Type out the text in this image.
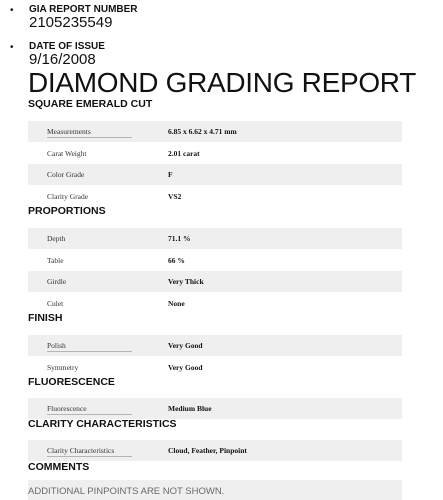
• GIA REPORT NUMBER
2105235549
• DATE OF ISSUE
9/16/2008
DIAMOND GRADING REPORT
SQUARE EMERALD CUT
Measurements	6.85 x 6.62 x 4.71 mm
Carat Weight	2.01 carat
Color Grade	F
Clarity Grade	VS2
PROPORTIONS
Depth	71.1 %
Table	66 %
Girdle	Very Thick
Culet	None
FINISH
Polish	Very Good
Symmetry	Very Good
FLUORESCENCE
Fluorescence	Medium Blue
CLARITY CHARACTERISTICS
Clarity Characteristics	Cloud, Feather, Pinpoint
COMMENTS
ADDITIONAL PINPOINTS ARE NOT SHOWN.
